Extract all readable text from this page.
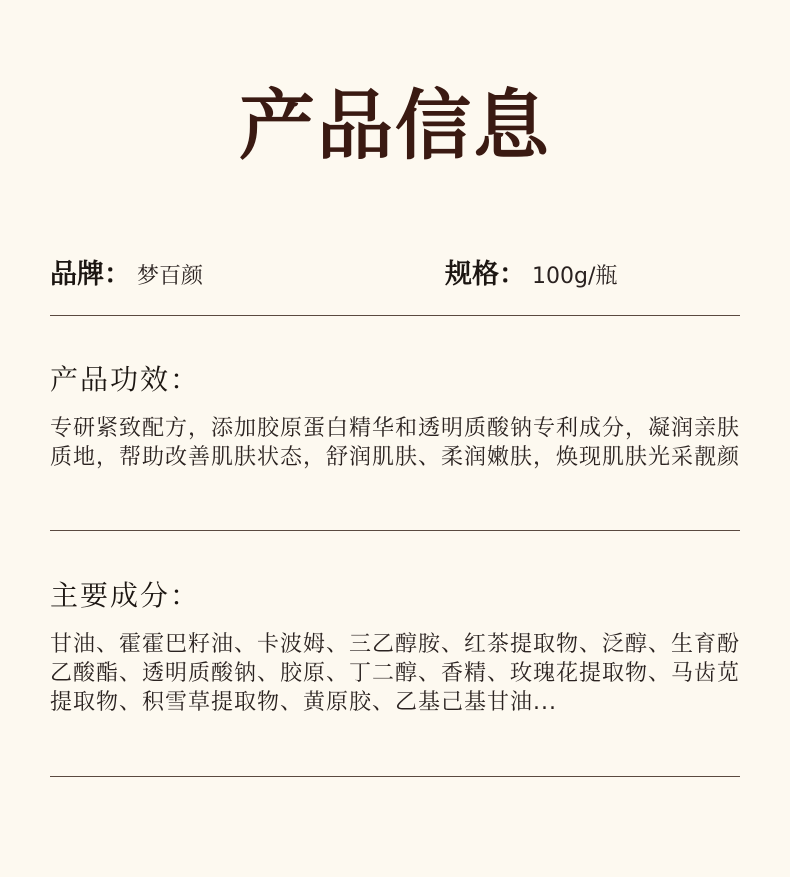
产品信息
品牌： 梦百颜	规格： 100g/瓶
产品功效：

专研紧致配方，添加胶原蛋白精华和透明质酸钠专利成分，凝润亲肤质地，帮助改善肌肤状态，舒润肌肤、柔润嫩肤，焕现肌肤光采靓颜

主要成分：

甘油、霍霍巴籽油、卡波姆、三乙醇胺、红茶提取物、泛醇、生育酚乙酸酯、透明质酸钠、胶原、丁二醇、香精、玫瑰花提取物、马齿苋提取物、积雪草提取物、黄原胶、乙基己基甘油...
